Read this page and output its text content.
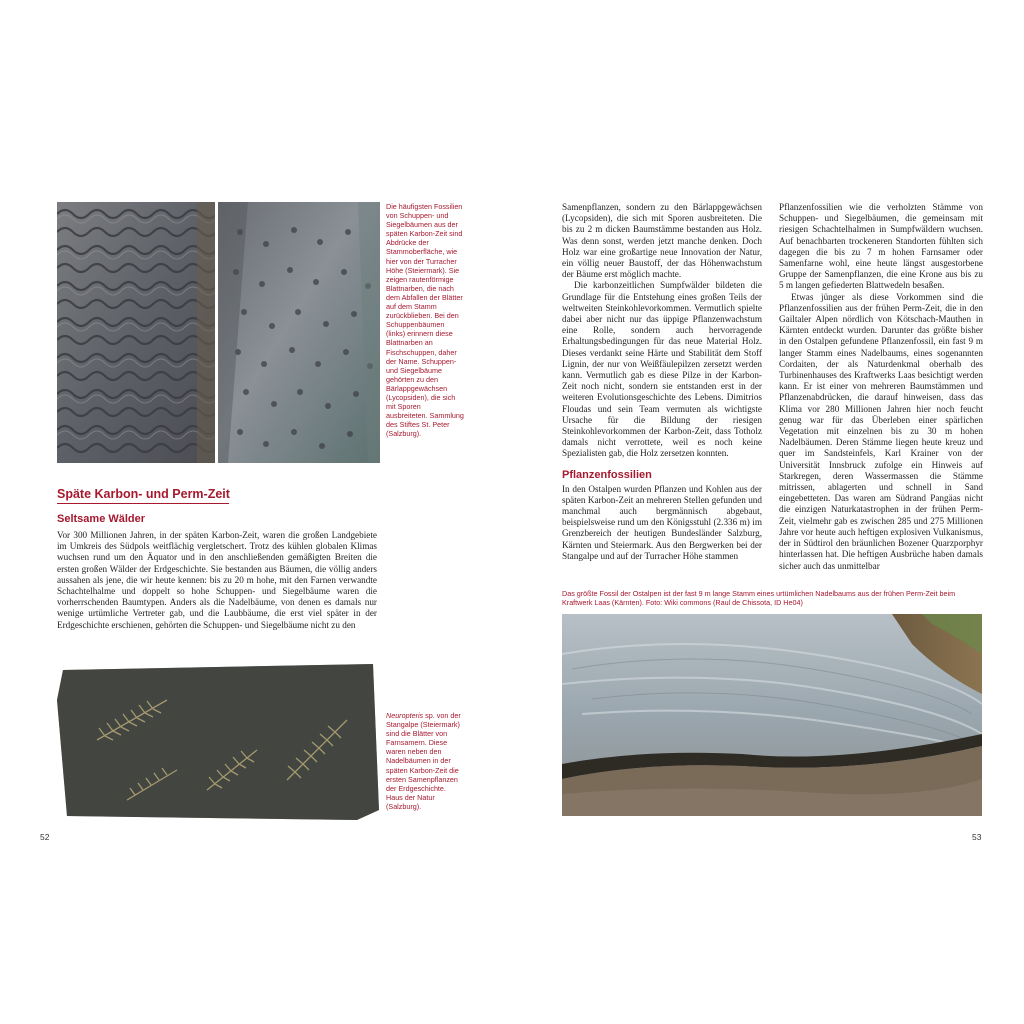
Die häufigsten Fossilien von Schuppen- und Siegelbäumen aus der späten Karbon-Zeit sind Abdrücke der Stammoberfläche, wie hier von der Turracher Höhe (Steiermark). Sie zeigen rautenförmige Blattnarben, die nach dem Abfallen der Blätter auf dem Stamm zurückblieben. Bei den Schuppenbäumen (links) erinnern diese Blattnarben an Fischschuppen, daher der Name. Schuppen- und Siegelbäume gehörten zu den Bärlappgewächsen (Lycopsiden), die sich mit Sporen ausbreiteten. Sammlung des Stiftes St. Peter (Salzburg).
Späte Karbon- und Perm-Zeit
Seltsame Wälder

Vor 300 Millionen Jahren, in der späten Karbon-Zeit, waren die großen Landgebiete im Umkreis des Südpols weitflächig vergletschert. Trotz des kühlen globalen Klimas wuchsen rund um den Äquator und in den anschließenden gemäßigten Breiten die ersten großen Wälder der Erdgeschichte. Sie bestanden aus Bäumen, die völlig anders aussahen als jene, die wir heute kennen: bis zu 20 m hohe, mit den Farnen verwandte Schachtelhalme und doppelt so hohe Schuppen- und Siegelbäume waren die vorherrschenden Baumtypen. Anders als die Nadelbäume, von denen es damals nur wenige urtümliche Vertreter gab, und die Laubbäume, die erst viel später in der Erdgeschichte erschienen, gehörten die Schuppen- und Siegelbäume nicht zu den

Neuropteris sp. von der Stangalpe (Steiermark) sind die Blätter von Farnsamern. Diese waren neben den Nadelbäumen in der späten Karbon-Zeit die ersten Samenpflanzen der Erdgeschichte. Haus der Natur (Salzburg).
52

Samenpflanzen, sondern zu den Bärlappgewächsen (Lycopsiden), die sich mit Sporen ausbreiteten. Die bis zu 2 m dicken Baumstämme bestanden aus Holz. Was denn sonst, werden jetzt manche denken. Doch Holz war eine großartige neue Innovation der Natur, ein völlig neuer Baustoff, der das Höhenwachstum der Bäume erst möglich machte.

Die karbonzeitlichen Sumpfwälder bildeten die Grundlage für die Entstehung eines großen Teils der weltweiten Steinkohlevorkommen. Vermutlich spielte dabei aber nicht nur das üppige Pflanzenwachstum eine Rolle, sondern auch hervorragende Erhaltungsbedingungen für das neue Material Holz. Dieses verdankt seine Härte und Stabilität dem Stoff Lignin, der nur von Weißfäulepilzen zersetzt werden kann. Vermutlich gab es diese Pilze in der Karbon-Zeit noch nicht, sondern sie entstanden erst in der weiteren Evolutionsgeschichte des Lebens. Dimitrios Floudas und sein Team vermuten als wichtigste Ursache für die Bildung der riesigen Steinkohlevorkommen der Karbon-Zeit, dass Totholz damals nicht verrottete, weil es noch keine Spezialisten gab, die Holz zersetzen konnten.

Pflanzenfossilien

In den Ostalpen wurden Pflanzen und Kohlen aus der späten Karbon-Zeit an mehreren Stellen gefunden und manchmal auch bergmännisch abgebaut, beispielsweise rund um den Königsstuhl (2.336 m) im Grenzbereich der heutigen Bundesländer Salzburg, Kärnten und Steiermark. Aus den Bergwerken bei der Stangalpe und auf der Turracher Höhe stammen

Pflanzenfossilien wie die verholzten Stämme von Schuppen- und Siegelbäumen, die gemeinsam mit riesigen Schachtelhalmen in Sumpfwäldern wuchsen. Auf benachbarten trockeneren Standorten fühlten sich dagegen die bis zu 7 m hohen Farnsamer oder Samenfarne wohl, eine heute längst ausgestorbene Gruppe der Samenpflanzen, die eine Krone aus bis zu 5 m langen gefiederten Blattwedeln besaßen.

Etwas jünger als diese Vorkommen sind die Pflanzenfossilien aus der frühen Perm-Zeit, die in den Gailtaler Alpen nördlich von Kötschach-Mauthen in Kärnten entdeckt wurden. Darunter das größte bisher in den Ostalpen gefundene Pflanzenfossil, ein fast 9 m langer Stamm eines Nadelbaums, eines sogenannten Cordaiten, der als Naturdenkmal oberhalb des Turbinenhauses des Kraftwerks Laas besichtigt werden kann. Er ist einer von mehreren Baumstämmen und Pflanzenabdrücken, die darauf hinweisen, dass das Klima vor 280 Millionen Jahren hier noch feucht genug war für das Überleben einer spärlichen Vegetation mit einzelnen bis zu 30 m hohen Nadelbäumen. Deren Stämme liegen heute kreuz und quer im Sandsteinfels, Karl Krainer von der Universität Innsbruck zufolge ein Hinweis auf Starkregen, deren Wassermassen die Stämme mitrissen, ablagerten und schnell in Sand eingebetteten. Das waren am Südrand Pangäas nicht die einzigen Naturkatastrophen in der frühen Perm-Zeit, vielmehr gab es zwischen 285 und 275 Millionen Jahre vor heute auch heftigen explosiven Vulkanismus, der in Südtirol den bräunlichen Bozener Quarzporphyr hinterlassen hat. Die heftigen Ausbrüche haben damals sicher auch das unmittelbar

Das größte Fossil der Ostalpen ist der fast 9 m lange Stamm eines urtümlichen Nadelbaums aus der frühen Perm-Zeit beim Kraftwerk Laas (Kärnten). Foto: Wiki commons (Raul de Chissota, ID He04)
53
